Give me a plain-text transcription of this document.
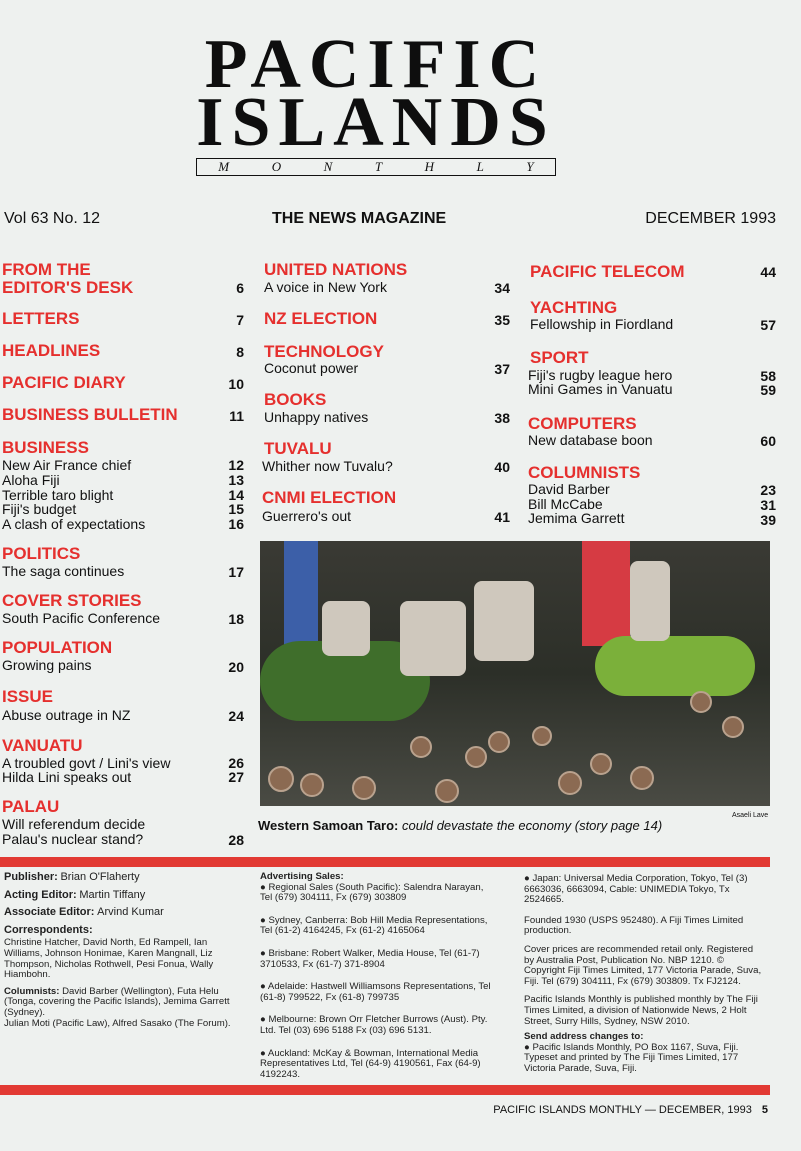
PACIFIC
ISLANDS
M	O	N	T	H	L	Y
Vol 63 No. 12	THE NEWS MAGAZINE	DECEMBER 1993
FROM THE
EDITOR'S DESK	6
LETTERS	7
HEADLINES	8
PACIFIC DIARY	10
BUSINESS BULLETIN	11
BUSINESS
New Air France chief	12
Aloha Fiji	13
Terrible taro blight	14
Fiji's budget	15
A clash of expectations	16
POLITICS
The saga continues	17
COVER STORIES
South Pacific Conference	18
POPULATION
Growing pains	20
ISSUE
Abuse outrage in NZ	24
VANUATU
A troubled govt / Lini's view	26
Hilda Lini speaks out	27
PALAU
Will referendum decide
Palau's nuclear stand?	28
UNITED NATIONS
A voice in New York	34
NZ ELECTION	35
TECHNOLOGY
Coconut power	37
BOOKS
Unhappy natives	38
TUVALU
Whither now Tuvalu?	40
CNMI ELECTION
Guerrero's out	41
PACIFIC TELECOM	44
YACHTING
Fellowship in Fiordland	57
SPORT
Fiji's rugby league hero	58
Mini Games in Vanuatu	59
COMPUTERS
New database boon	60
COLUMNISTS
David Barber	23
Bill McCabe	31
Jemima Garrett	39
Asaeli Lave
Western Samoan Taro: could devastate the economy (story page 14)

Publisher: Brian O'Flaherty

Acting Editor: Martin Tiffany

Associate Editor: Arvind Kumar

Correspondents:

Christine Hatcher, David North, Ed Rampell, Ian Williams, Johnson Honimae, Karen Mangnall, Liz Thompson, Nicholas Rothwell, Pesi Fonua, Wally Hiambohn.

Columnists: David Barber (Wellington), Futa Helu (Tonga, covering the Pacific Islands), Jemima Garrett (Sydney).

Julian Moti (Pacific Law), Alfred Sasako (The Forum).

Advertising Sales:

● Regional Sales (South Pacific): Salendra Narayan, Tel (679) 304111, Fx (679) 303809

● Sydney, Canberra: Bob Hill Media Representations, Tel (61-2) 4164245, Fx (61-2) 4165064

● Brisbane: Robert Walker, Media House, Tel (61-7) 3710533, Fx (61-7) 371-8904

● Adelaide: Hastwell Williamsons Representations, Tel (61-8) 799522, Fx (61-8) 799735

● Melbourne: Brown Orr Fletcher Burrows (Aust). Pty. Ltd. Tel (03) 696 5188 Fx (03) 696 5131.

● Auckland: McKay & Bowman, International Media Representatives Ltd, Tel (64-9) 4190561, Fax (64-9) 4192243.

● Japan: Universal Media Corporation, Tokyo, Tel (3) 6663036, 6663094, Cable: UNIMEDIA Tokyo, Tx 2524665.

Founded 1930 (USPS 952480). A Fiji Times Limited production.

Cover prices are recommended retail only. Registered by Australia Post, Publication No. NBP 1210. © Copyright Fiji Times Limited, 177 Victoria Parade, Suva, Fiji. Tel (679) 304111, Fx (679) 303809. Tx FJ2124.

Pacific Islands Monthly is published monthly by The Fiji Times Limited, a division of Nationwide News, 2 Holt Street, Surry Hills, Sydney, NSW 2010.

Send address changes to:

● Pacific Islands Monthly, PO Box 1167, Suva, Fiji. Typeset and printed by The Fiji Times Limited, 177 Victoria Parade, Suva, Fiji.

PACIFIC ISLANDS MONTHLY — DECEMBER, 1993 5
